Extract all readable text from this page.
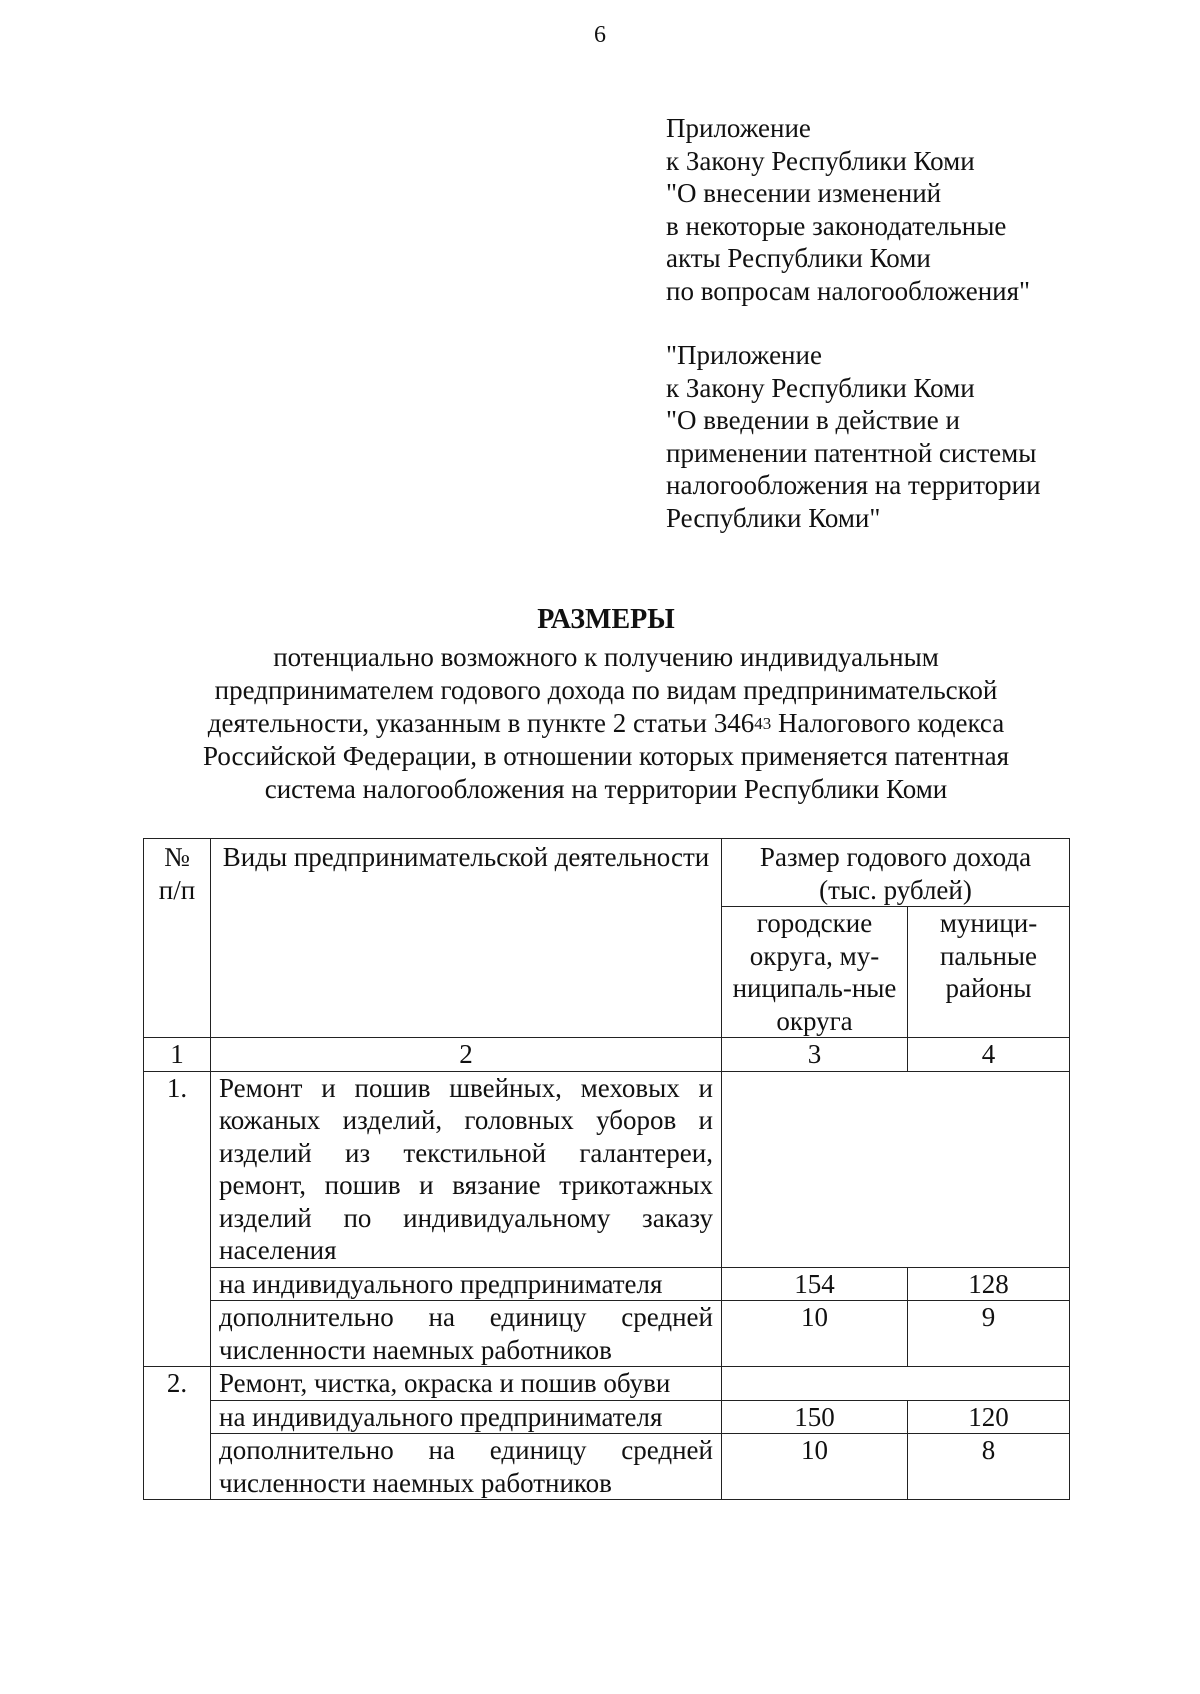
6
Приложение
к Закону Республики Коми
"О внесении изменений
в некоторые законодательные
акты Республики Коми
по вопросам налогообложения"
"Приложение
к Закону Республики Коми
"О введении в действие и
применении патентной системы
налогообложения на территории
Республики Коми"
РАЗМЕРЫ
потенциально возможного к получению индивидуальным
предпринимателем годового дохода по видам предпринимательской
деятельности, указанным в пункте 2 статьи $346^{43}$ Налогового кодекса
Российской Федерации, в отношении которых применяется патентная
система налогообложения на территории Республики Коми
№ п/п	Виды предпринимательской деятельности	Размер годового дохода (тыс. рублей)	
		городские округа, му-ниципаль-ные округа	муници-пальные районы
1	2	3	4
1.	Ремонт и пошив швейных, меховых и кожаных изделий, головных уборов и изделий из текстильной галантереи, ремонт, пошив и вязание трикотажных изделий по индивидуальному заказу населения		
	на индивидуального предпринимателя	154	128
	дополнительно на единицу средней численности наемных работников	10	9
2.	Ремонт, чистка, окраска и пошив обуви		
	на индивидуального предпринимателя	150	120
	дополнительно на единицу средней численности наемных работников	10	8
